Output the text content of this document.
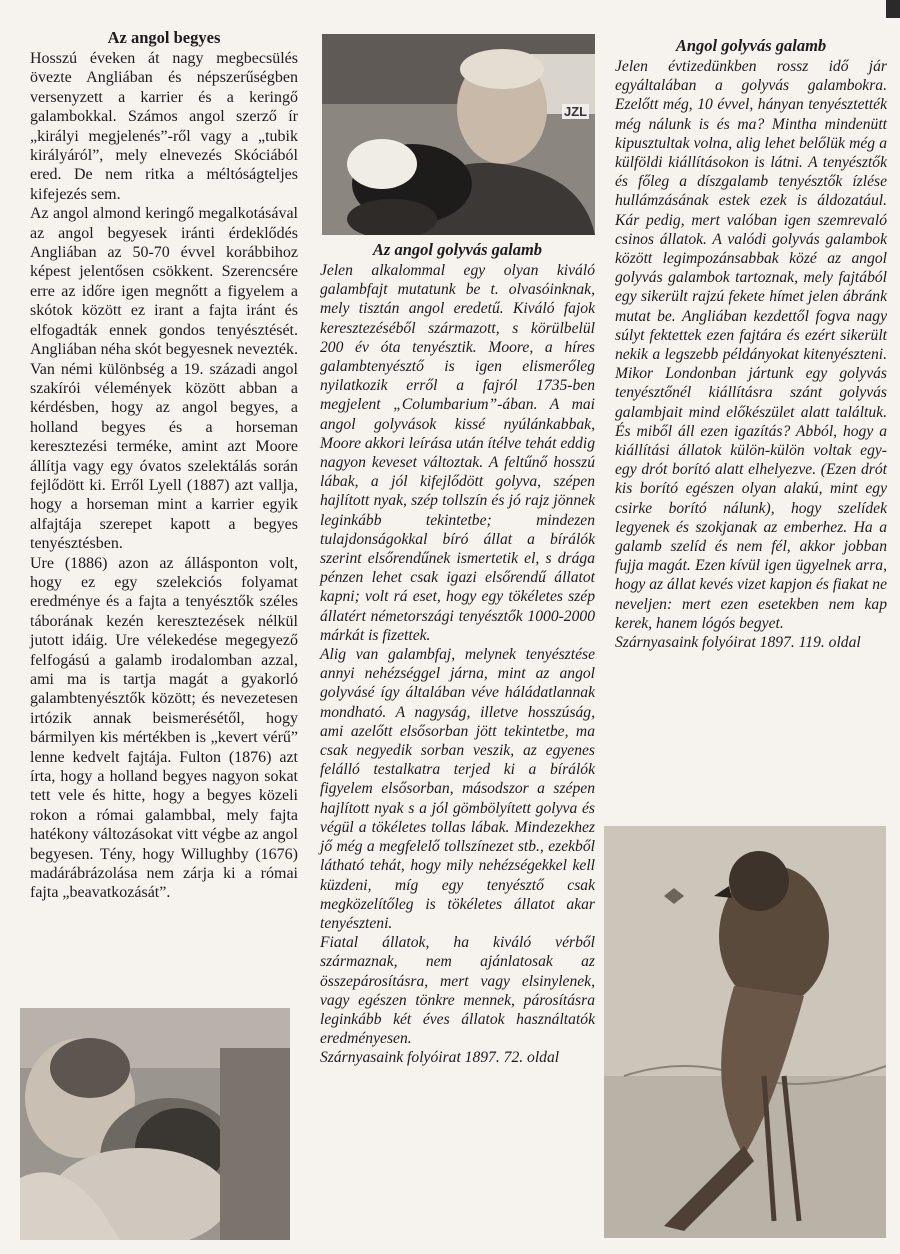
Az angol begyes

Hosszú éveken át nagy megbecsülés övezte Angliában és népszerűségben versenyzett a karrier és a keringő galambokkal. Számos angol szerző ír „királyi megjelenés”-ről vagy a „tubik királyáról”, mely elnevezés Skóciából ered. De nem ritka a méltóságteljes kifejezés sem.

Az angol almond keringő megalkotásával az angol begyesek iránti érdeklődés Angliában az 50-70 évvel korábbihoz képest jelentősen csökkent. Szerencsére erre az időre igen megnőtt a figyelem a skótok között ez irant a fajta iránt és elfogadták ennek gondos tenyésztését. Angliában néha skót begyesnek nevezték. Van némi különbség a 19. századi angol szakírói vélemények között abban a kérdésben, hogy az angol begyes, a holland begyes és a horseman keresztezési terméke, amint azt Moore állítja vagy egy óvatos szelektálás során fejlődött ki. Erről Lyell (1887) azt vallja, hogy a horseman mint a karrier egyik alfajtája szerepet kapott a begyes tenyésztésben.

Ure (1886) azon az állásponton volt, hogy ez egy szelekciós folyamat eredménye és a fajta a tenyésztők széles táborának kezén keresztezések nélkül jutott idáig. Ure vélekedése megegyező felfogású a galamb irodalomban azzal, ami ma is tartja magát a gyakorló galambtenyésztők között; és nevezetesen irtózik annak beismerésétől, hogy bármilyen kis mértékben is „kevert vérű” lenne kedvelt fajtája. Fulton (1876) azt írta, hogy a holland begyes nagyon sokat tett vele és hitte, hogy a begyes közeli rokon a római galambbal, mely fajta hatékony változásokat vitt végbe az angol begyesen. Tény, hogy Willughby (1676) madárábrázolása nem zárja ki a római fajta „beavatkozását”.

JZL
Az angol golyvás galamb

Jelen alkalommal egy olyan kiváló galambfajt mutatunk be t. olvasóinknak, mely tisztán angol eredetű. Kiváló fajok keresztezéséből származott, s körülbelül 200 év óta tenyésztik. Moore, a híres galambtenyésztő is igen elismerőleg nyilatkozik erről a fajról 1735-ben megjelent „Columbarium”-ában. A mai angol golyvások kissé nyúlánkabbak, Moore akkori leírása után ítélve tehát eddig nagyon keveset változtak. A feltűnő hosszú lábak, a jól kifejlődött golyva, szépen hajlított nyak, szép tollszín és jó rajz jönnek leginkább tekintetbe; mindezen tulajdonságokkal bíró állat a bírálók szerint elsőrendűnek ismertetik el, s drága pénzen lehet csak igazi elsőrendű állatot kapni; volt rá eset, hogy egy tökéletes szép állatért németországi tenyésztők 1000-2000 márkát is fizettek.

Alig van galambfaj, melynek tenyésztése annyi nehézséggel járna, mint az angol golyvásé így általában véve háládatlannak mondható. A nagyság, illetve hosszúság, ami azelőtt elsősorban jött tekintetbe, ma csak negyedik sorban veszik, az egyenes felálló testalkatra terjed ki a bírálók figyelem elsősorban, másodszor a szépen hajlított nyak s a jól gömbölyített golyva és végül a tökéletes tollas lábak. Mindezekhez jő még a megfelelő tollszínezet stb., ezekből látható tehát, hogy mily nehézségekkel kell küzdeni, míg egy tenyésztő csak megközelítőleg is tökéletes állatot akar tenyészteni.

Fiatal állatok, ha kiváló vérből származnak, nem ajánlatosak az összepárosításra, mert vagy elsinylenek, vagy egészen tönkre mennek, párosításra leginkább két éves állatok használtatók eredményesen.

Szárnyasaink folyóirat 1897. 72. oldal

Angol golyvás galamb

Jelen évtizedünkben rossz idő jár egyáltalában a golyvás galambokra. Ezelőtt még, 10 évvel, hányan tenyésztették még nálunk is és ma? Mintha mindenütt kipusztultak volna, alig lehet belőlük még a külföldi kiállításokon is látni. A tenyésztők és főleg a díszgalamb tenyésztők ízlése hullámzásának estek ezek is áldozatául. Kár pedig, mert valóban igen szemrevaló csinos állatok. A valódi golyvás galambok között legimpozánsabbak közé az angol golyvás galambok tartoznak, mely fajtából egy sikerült rajzú fekete hímet jelen ábránk mutat be. Angliában kezdettől fogva nagy súlyt fektettek ezen fajtára és ezért sikerült nekik a legszebb példányokat kitenyészteni. Mikor Londonban jártunk egy golyvás tenyésztőnél kiállításra szánt golyvás galambjait mind előkészület alatt találtuk. És miből áll ezen igazítás? Abból, hogy a kiállítási állatok külön-külön voltak egy-egy drót borító alatt elhelyezve. (Ezen drót kis borító egészen olyan alakú, mint egy csirke borító nálunk), hogy szelídek legyenek és szokjanak az emberhez. Ha a galamb szelíd és nem fél, akkor jobban fujja magát. Ezen kívül igen ügyelnek arra, hogy az állat kevés vizet kapjon és fiakat ne neveljen: mert ezen esetekben nem kap kerek, hanem lógós begyet.

Szárnyasaink folyóirat 1897. 119. oldal
